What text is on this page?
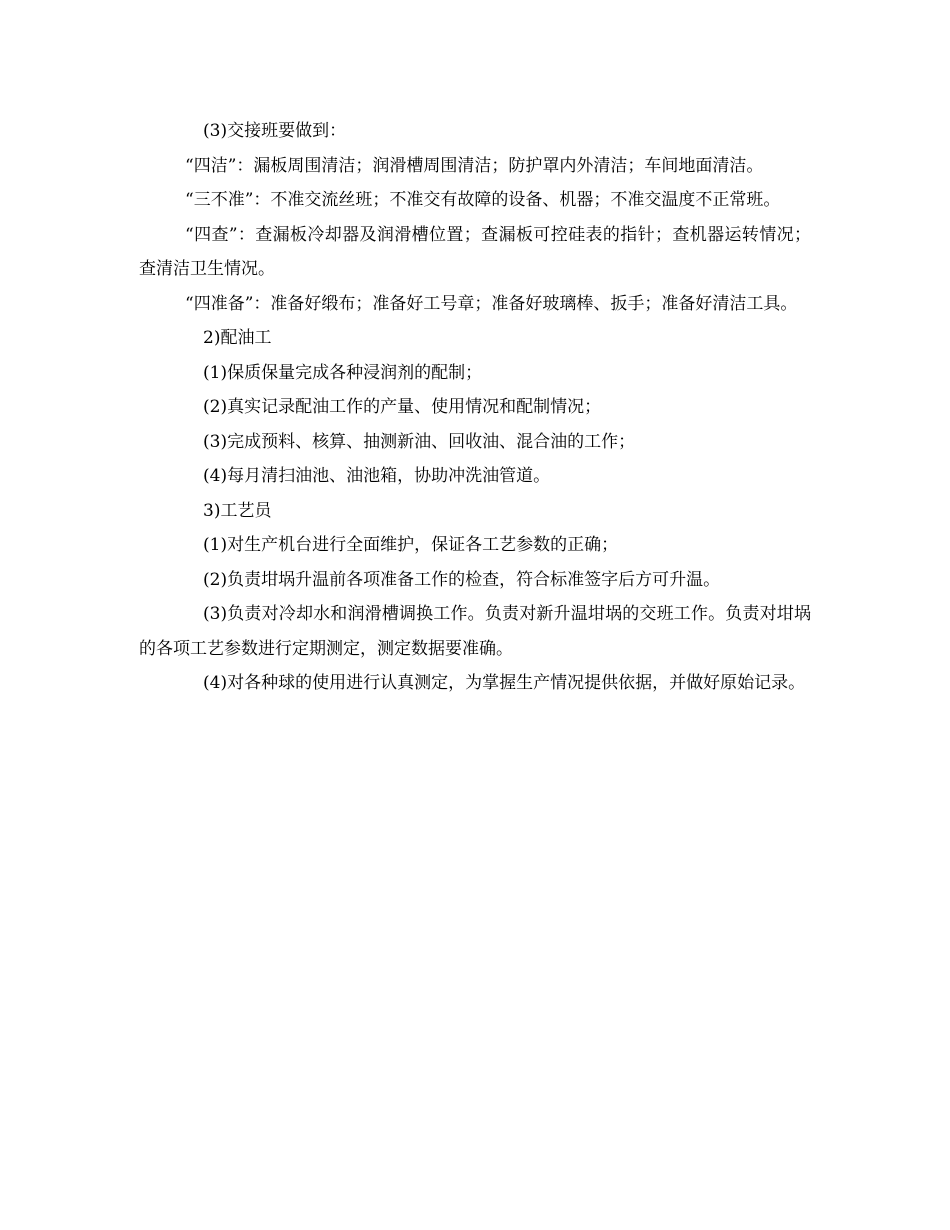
(3)交接班要做到：

“四洁”：漏板周围清洁；润滑槽周围清洁；防护罩内外清洁；车间地面清洁。

“三不准”：不准交流丝班；不准交有故障的设备、机器；不准交温度不正常班。

“四查”：查漏板冷却器及润滑槽位置；查漏板可控硅表的指针；查机器运转情况；查清洁卫生情况。

“四准备”：准备好缎布；准备好工号章；准备好玻璃棒、扳手；准备好清洁工具。

2)配油工

(1)保质保量完成各种浸润剂的配制；

(2)真实记录配油工作的产量、使用情况和配制情况；

(3)完成预料、核算、抽测新油、回收油、混合油的工作；

(4)每月清扫油池、油池箱，协助冲洗油管道。

3)工艺员

(1)对生产机台进行全面维护，保证各工艺参数的正确；

(2)负责坩埚升温前各项准备工作的检查，符合标准签字后方可升温。

(3)负责对冷却水和润滑槽调换工作。负责对新升温坩埚的交班工作。负责对坩埚的各项工艺参数进行定期测定，测定数据要准确。

(4)对各种球的使用进行认真测定，为掌握生产情况提供依据，并做好原始记录。
